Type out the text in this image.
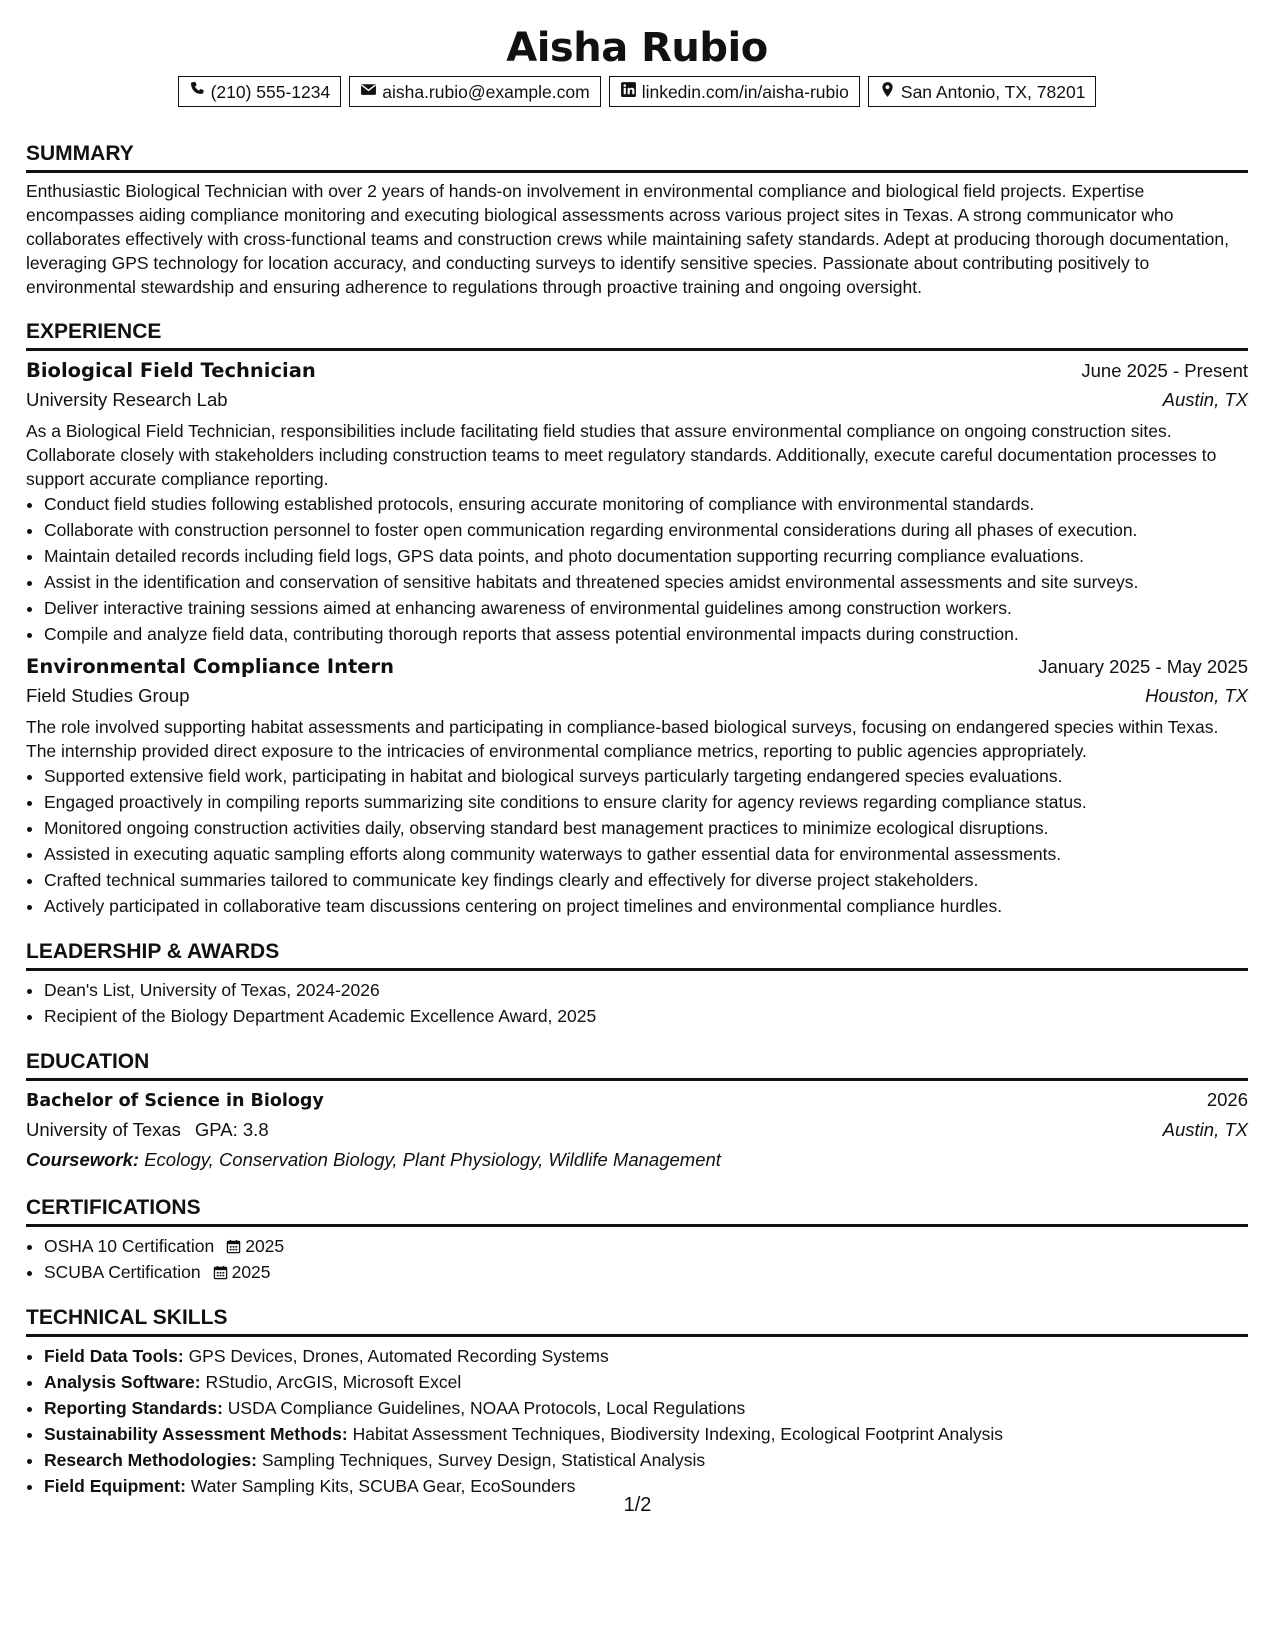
Aisha Rubio
(210) 555-1234	aisha.rubio@example.com	linkedin.com/in/aisha-rubio	San Antonio, TX, 78201
SUMMARY
Enthusiastic Biological Technician with over 2 years of hands-on involvement in environmental compliance and biological field projects. Expertise encompasses aiding compliance monitoring and executing biological assessments across various project sites in Texas. A strong communicator who collaborates effectively with cross-functional teams and construction crews while maintaining safety standards. Adept at producing thorough documentation, leveraging GPS technology for location accuracy, and conducting surveys to identify sensitive species. Passionate about contributing positively to environmental stewardship and ensuring adherence to regulations through proactive training and ongoing oversight.
EXPERIENCE
Biological Field Technician	June 2025 - Present
University Research Lab	Austin, TX
As a Biological Field Technician, responsibilities include facilitating field studies that assure environmental compliance on ongoing construction sites. Collaborate closely with stakeholders including construction teams to meet regulatory standards. Additionally, execute careful documentation processes to support accurate compliance reporting.
• Conduct field studies following established protocols, ensuring accurate monitoring of compliance with environmental standards.
• Collaborate with construction personnel to foster open communication regarding environmental considerations during all phases of execution.
• Maintain detailed records including field logs, GPS data points, and photo documentation supporting recurring compliance evaluations.
• Assist in the identification and conservation of sensitive habitats and threatened species amidst environmental assessments and site surveys.
• Deliver interactive training sessions aimed at enhancing awareness of environmental guidelines among construction workers.
• Compile and analyze field data, contributing thorough reports that assess potential environmental impacts during construction.
Environmental Compliance Intern	January 2025 - May 2025
Field Studies Group	Houston, TX
The role involved supporting habitat assessments and participating in compliance-based biological surveys, focusing on endangered species within Texas. The internship provided direct exposure to the intricacies of environmental compliance metrics, reporting to public agencies appropriately.
• Supported extensive field work, participating in habitat and biological surveys particularly targeting endangered species evaluations.
• Engaged proactively in compiling reports summarizing site conditions to ensure clarity for agency reviews regarding compliance status.
• Monitored ongoing construction activities daily, observing standard best management practices to minimize ecological disruptions.
• Assisted in executing aquatic sampling efforts along community waterways to gather essential data for environmental assessments.
• Crafted technical summaries tailored to communicate key findings clearly and effectively for diverse project stakeholders.
• Actively participated in collaborative team discussions centering on project timelines and environmental compliance hurdles.
LEADERSHIP & AWARDS
• Dean's List, University of Texas, 2024-2026
• Recipient of the Biology Department Academic Excellence Award, 2025
EDUCATION
Bachelor of Science in Biology	2026
University of Texas GPA: 3.8	Austin, TX
Coursework: Ecology, Conservation Biology, Plant Physiology, Wildlife Management
CERTIFICATIONS
• OSHA 10 Certification 2025
• SCUBA Certification 2025
TECHNICAL SKILLS
• Field Data Tools: GPS Devices, Drones, Automated Recording Systems
• Analysis Software: RStudio, ArcGIS, Microsoft Excel
• Reporting Standards: USDA Compliance Guidelines, NOAA Protocols, Local Regulations
• Sustainability Assessment Methods: Habitat Assessment Techniques, Biodiversity Indexing, Ecological Footprint Analysis
• Research Methodologies: Sampling Techniques, Survey Design, Statistical Analysis
• Field Equipment: Water Sampling Kits, SCUBA Gear, EcoSounders
1/2
